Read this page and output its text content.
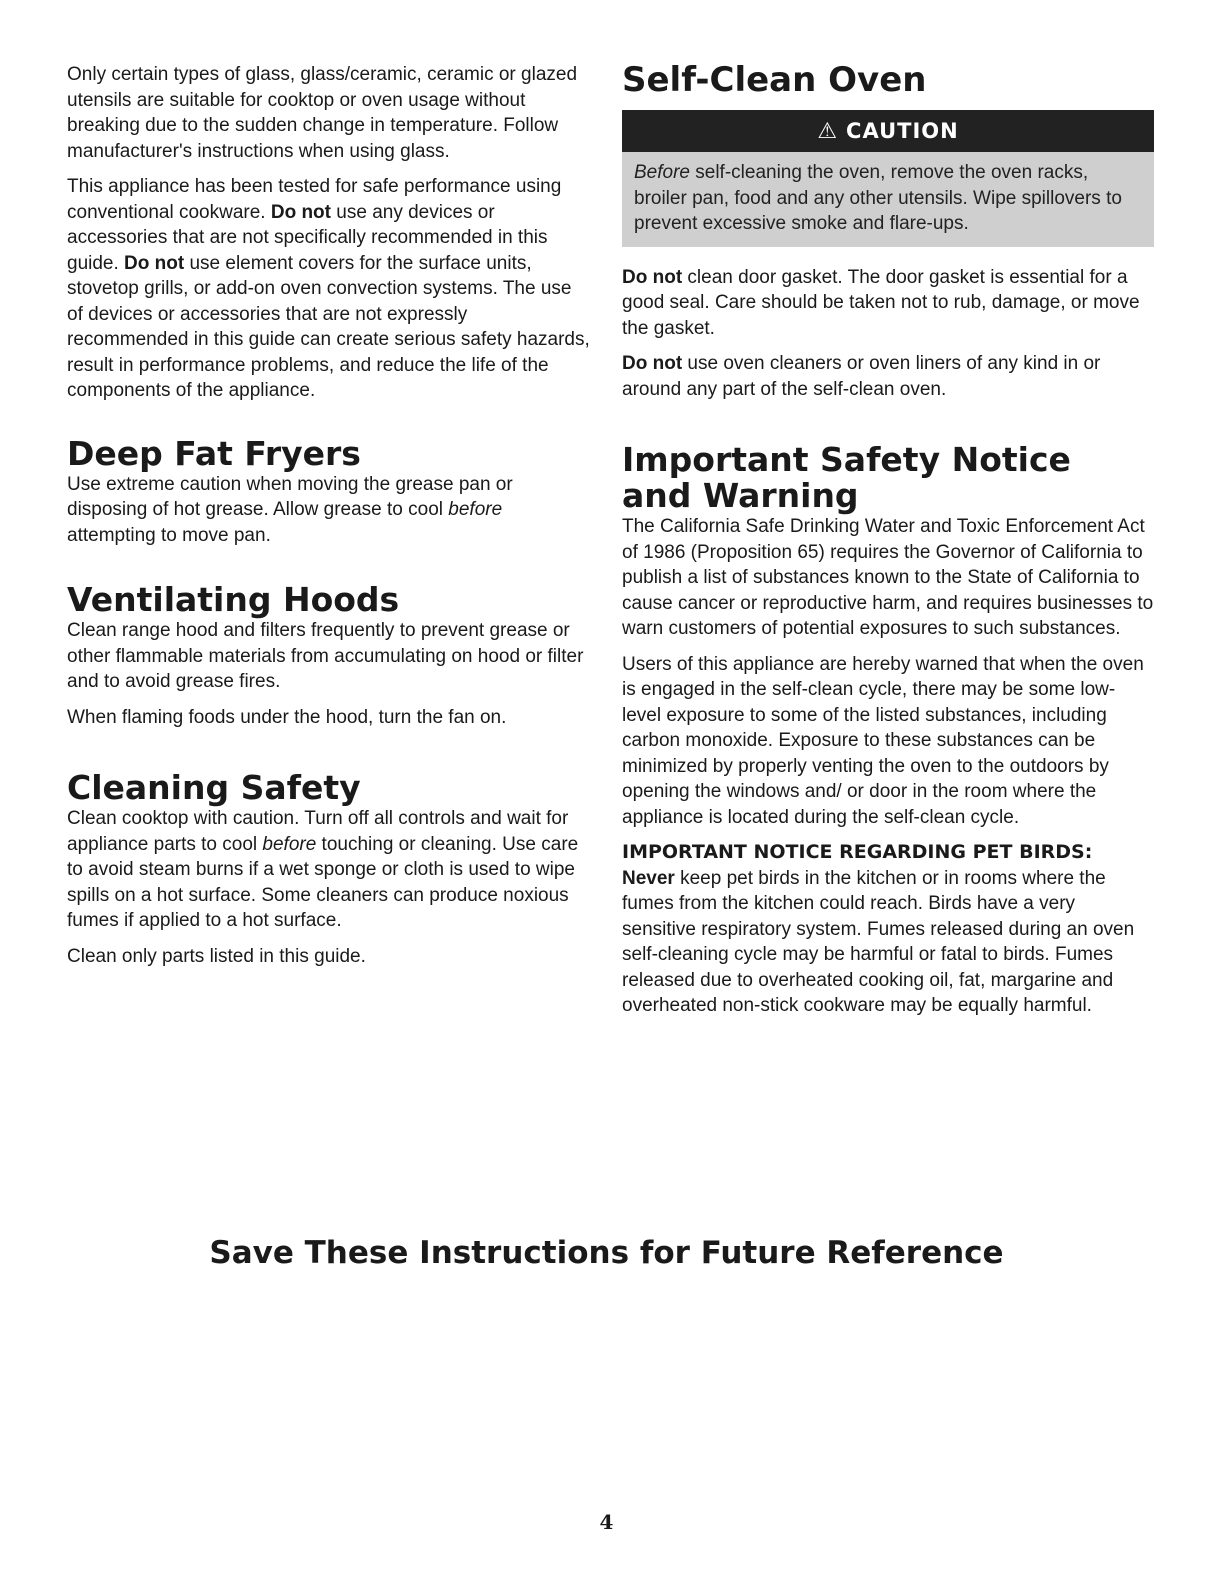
Only certain types of glass, glass/ceramic, ceramic or glazed utensils are suitable for cooktop or oven usage without breaking due to the sudden change in temperature. Follow manufacturer's instructions when using glass.

This appliance has been tested for safe performance using conventional cookware. Do not use any devices or accessories that are not specifically recommended in this guide. Do not use element covers for the surface units, stovetop grills, or add-on oven convection systems. The use of devices or accessories that are not expressly recommended in this guide can create serious safety hazards, result in performance problems, and reduce the life of the components of the appliance.

Deep Fat Fryers

Use extreme caution when moving the grease pan or disposing of hot grease. Allow grease to cool before attempting to move pan.

Ventilating Hoods

Clean range hood and filters frequently to prevent grease or other flammable materials from accumulating on hood or filter and to avoid grease fires.

When flaming foods under the hood, turn the fan on.

Cleaning Safety

Clean cooktop with caution. Turn off all controls and wait for appliance parts to cool before touching or cleaning. Use care to avoid steam burns if a wet sponge or cloth is used to wipe spills on a hot surface. Some cleaners can produce noxious fumes if applied to a hot surface.

Clean only parts listed in this guide.

Self-Clean Oven
⚠ CAUTION
Before self-cleaning the oven, remove the oven racks, broiler pan, food and any other utensils. Wipe spillovers to prevent excessive smoke and flare-ups.

Do not clean door gasket. The door gasket is essential for a good seal. Care should be taken not to rub, damage, or move the gasket.

Do not use oven cleaners or oven liners of any kind in or around any part of the self-clean oven.

Important Safety Notice
and Warning

The California Safe Drinking Water and Toxic Enforcement Act of 1986 (Proposition 65) requires the Governor of California to publish a list of substances known to the State of California to cause cancer or reproductive harm, and requires businesses to warn customers of potential exposures to such substances.

Users of this appliance are hereby warned that when the oven is engaged in the self-clean cycle, there may be some low-level exposure to some of the listed substances, including carbon monoxide. Exposure to these substances can be minimized by properly venting the oven to the outdoors by opening the windows and/ or door in the room where the appliance is located during the self-clean cycle.

IMPORTANT NOTICE REGARDING PET BIRDS:

Never keep pet birds in the kitchen or in rooms where the fumes from the kitchen could reach. Birds have a very sensitive respiratory system. Fumes released during an oven self-cleaning cycle may be harmful or fatal to birds. Fumes released due to overheated cooking oil, fat, margarine and overheated non-stick cookware may be equally harmful.

Save These Instructions for Future Reference
4
